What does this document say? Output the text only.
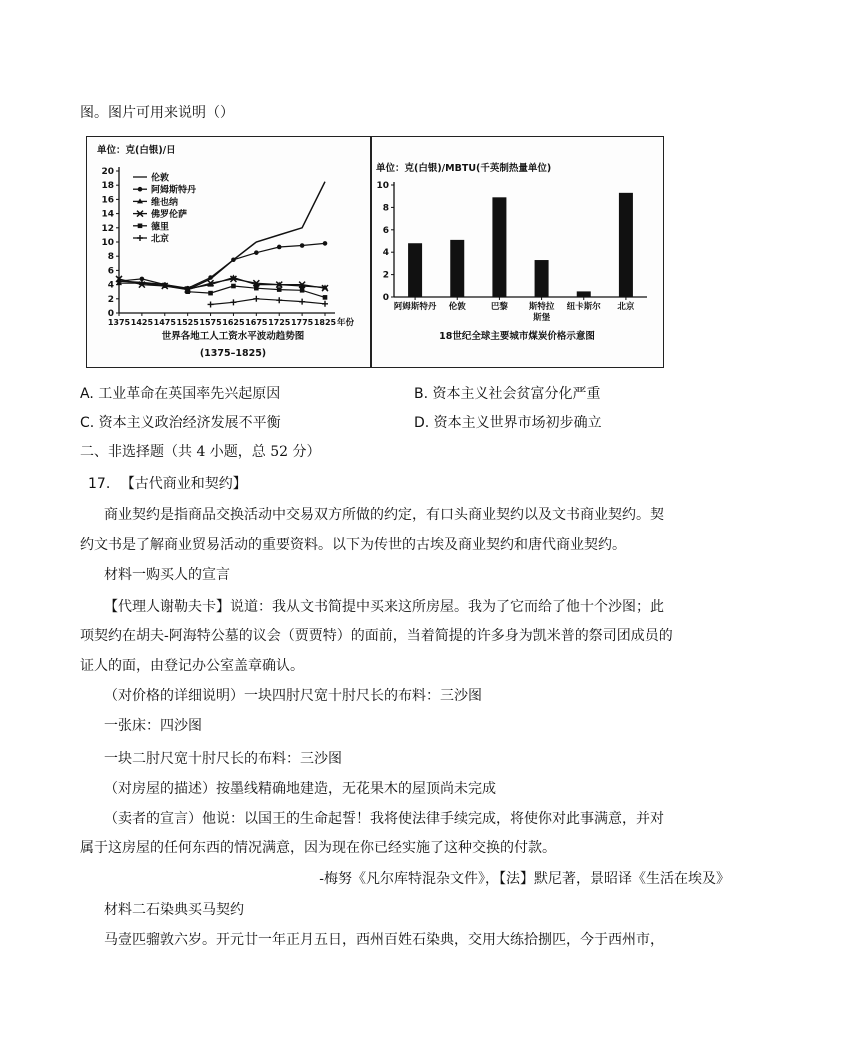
图。图片可用来说明（）
单位：克(白银)/日
0
2
4
6
8
10
12
14
16
18
20
1375 1425 1475 1525 1575 1625 1675 1725 1775 1825 年份
伦敦
阿姆斯特丹
维也纳
佛罗伦萨
德里
北京
世界各地工人工资水平波动趋势图
(1375–1825)
单位：克(白银)/MBTU(千英制热量单位)
0
2
4
6
8
10
阿姆斯特丹 伦敦	巴黎 斯特拉
斯堡
纽卡斯尔 北京
18世纪全球主要城市煤炭价格示意图
A. 工业革命在英国率先兴起原因	B. 资本主义社会贫富分化严重
C. 资本主义政治经济发展不平衡	D. 资本主义世界市场初步确立
二、非选择题（共 4 小题，总 52 分）
17. 【古代商业和契约】
商业契约是指商品交换活动中交易双方所做的约定，有口头商业契约以及文书商业契约。契
约文书是了解商业贸易活动的重要资料。以下为传世的古埃及商业契约和唐代商业契约。
材料一购买人的宣言
【代理人谢勒夫卡】说道：我从文书简提中买来这所房屋。我为了它而给了他十个沙图；此
项契约在胡夫-阿海特公墓的议会（贾贾特）的面前，当着简提的许多身为凯米普的祭司团成员的
证人的面，由登记办公室盖章确认。
（对价格的详细说明）一块四肘尺宽十肘尺长的布料：三沙图
一张床：四沙图
一块二肘尺宽十肘尺长的布料：三沙图
（对房屋的描述）按墨线精确地建造，无花果木的屋顶尚未完成
（卖者的宣言）他说：以国王的生命起誓！我将使法律手续完成，将使你对此事满意，并对
属于这房屋的任何东西的情况满意，因为现在你已经实施了这种交换的付款。
-梅努《凡尔库特混杂文件》，【法】默尼著，景昭译《生活在埃及》
材料二石染典买马契约
马壹匹骝敦六岁。开元廿一年正月五日，西州百姓石染典，交用大练拾捌匹，今于西州市，
